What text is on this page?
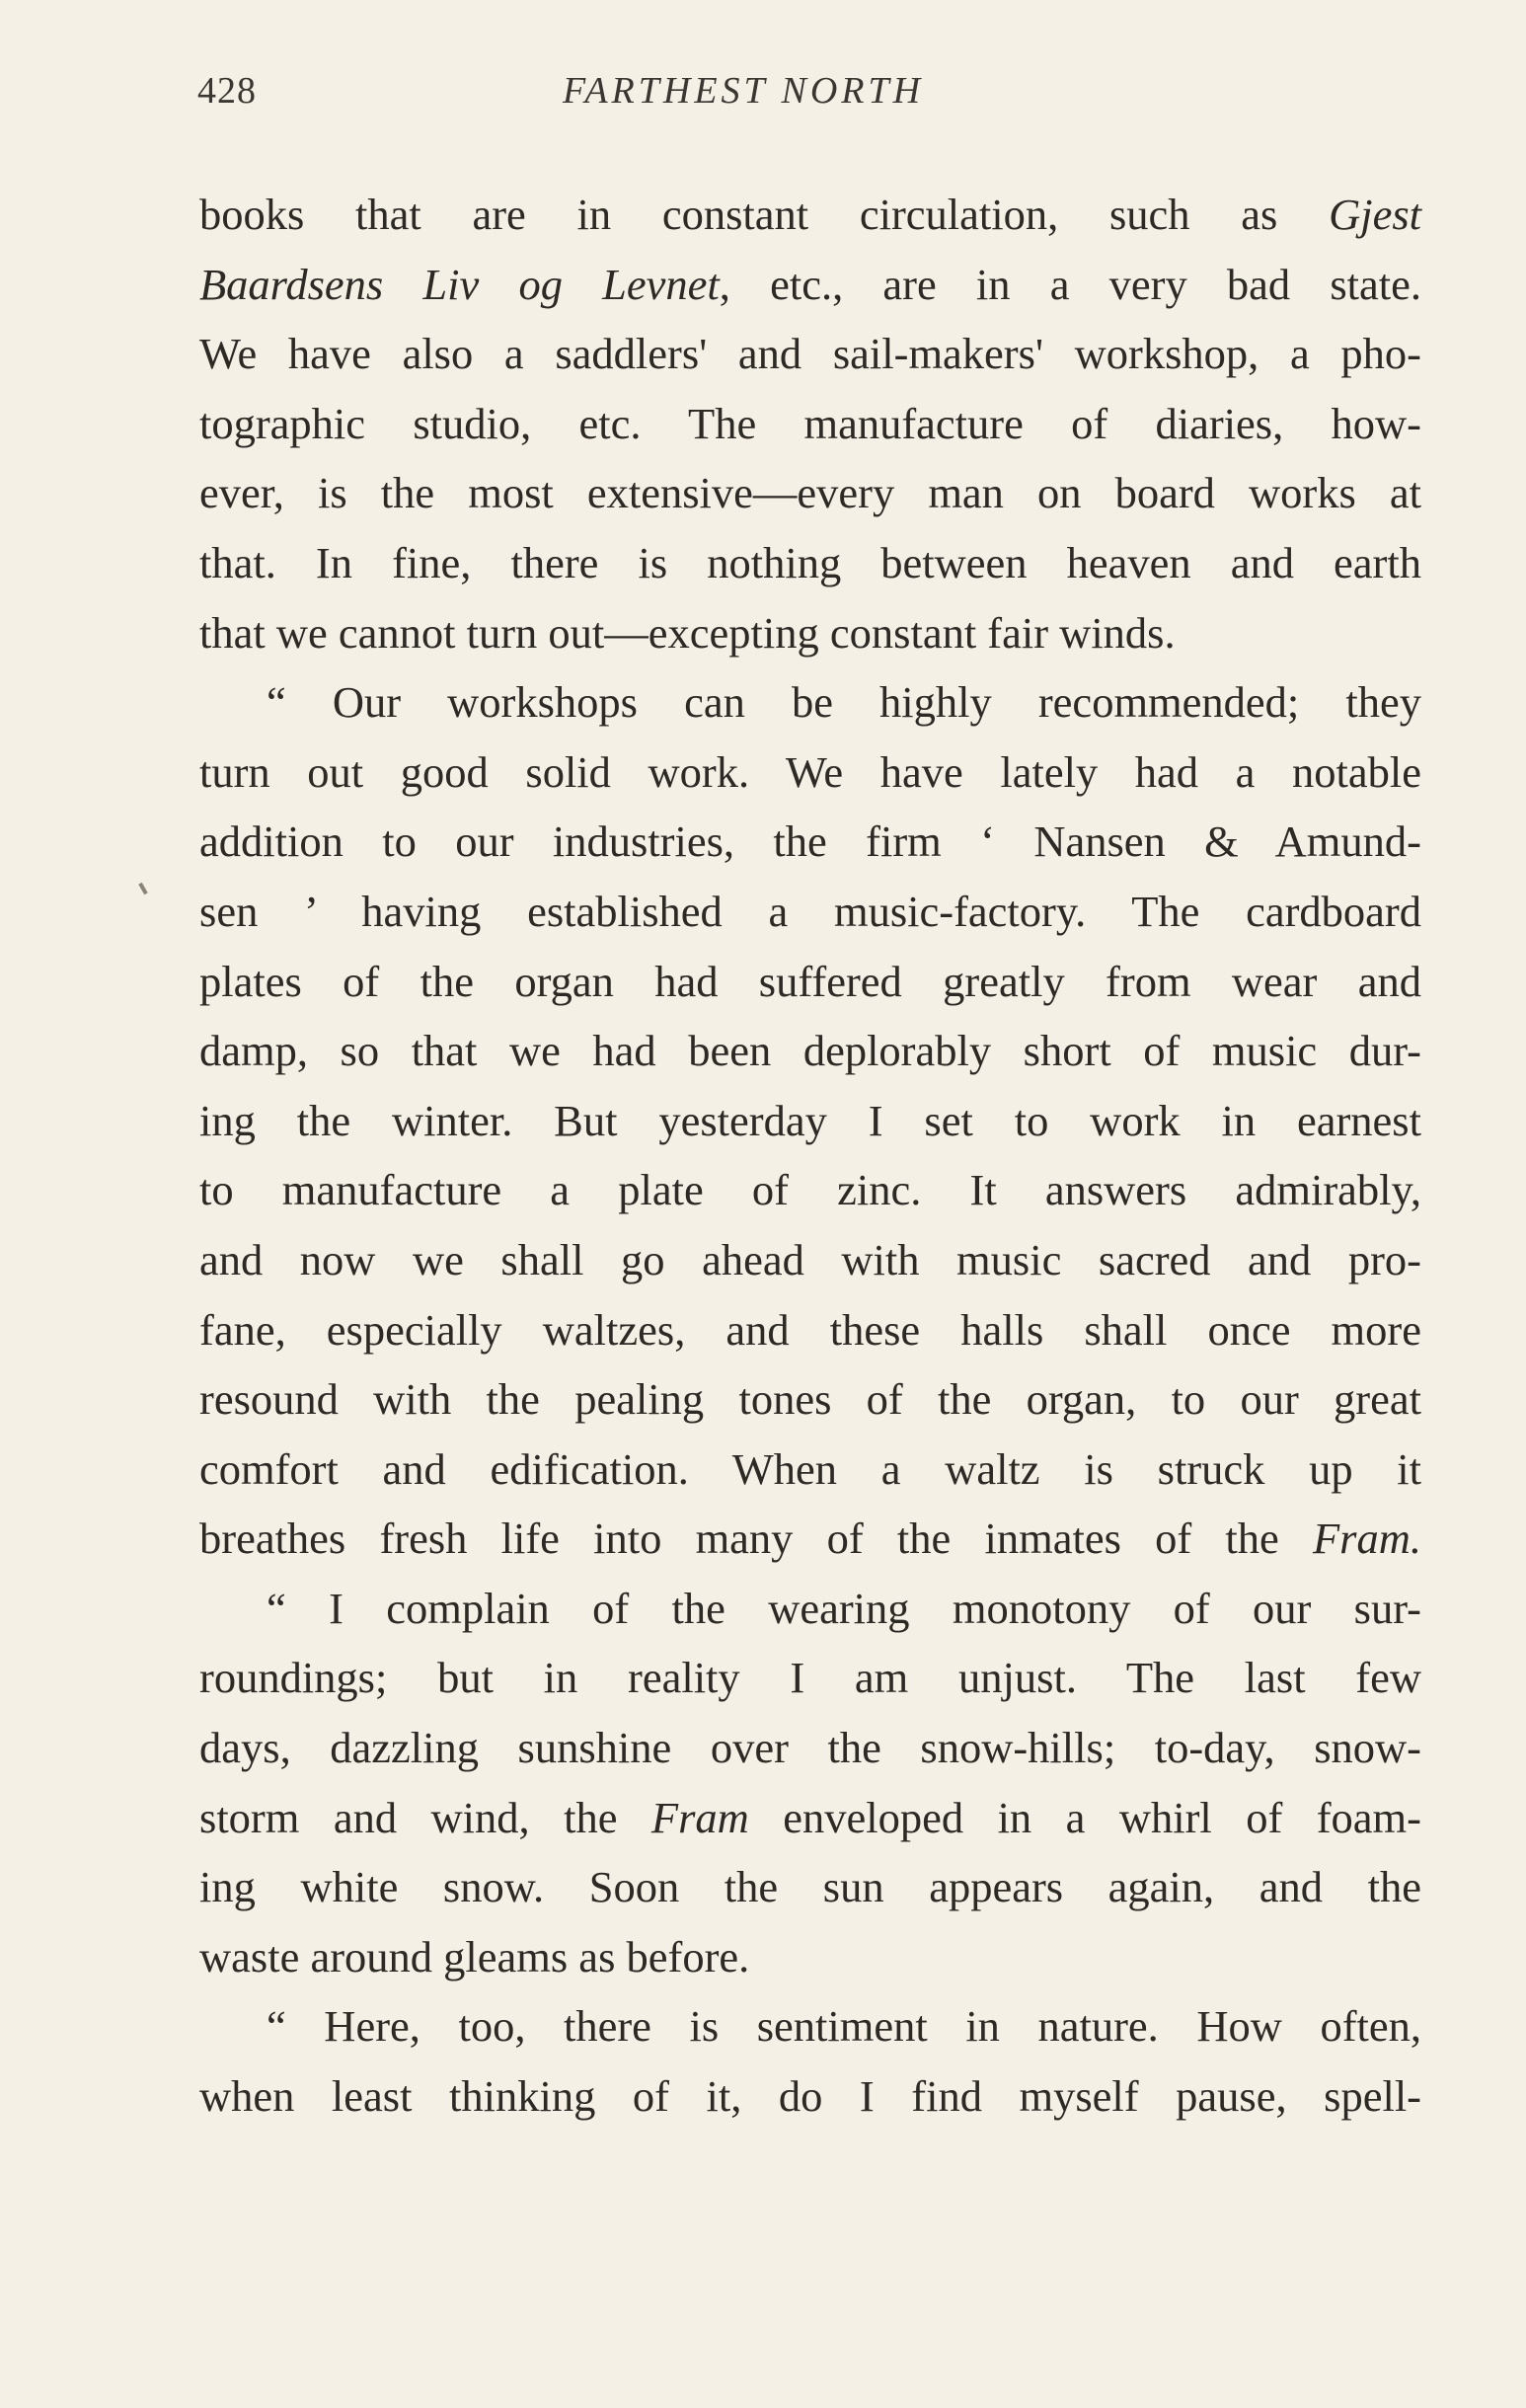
428	FARTHEST NORTH
books that are in constant circulation, such as Gjest
Baardsens Liv og Levnet, etc., are in a very bad state.
We have also a saddlers' and sail-makers' workshop, a pho-
tographic studio, etc. The manufacture of diaries, how-
ever, is the most extensive—every man on board works at
that. In fine, there is nothing between heaven and earth
that we cannot turn out—excepting constant fair winds.
“ Our workshops can be highly recommended; they
turn out good solid work. We have lately had a notable
addition to our industries, the firm ‘ Nansen & Amund-
sen ’ having established a music-factory. The cardboard
plates of the organ had suffered greatly from wear and
damp, so that we had been deplorably short of music dur-
ing the winter. But yesterday I set to work in earnest
to manufacture a plate of zinc. It answers admirably,
and now we shall go ahead with music sacred and pro-
fane, especially waltzes, and these halls shall once more
resound with the pealing tones of the organ, to our great
comfort and edification. When a waltz is struck up it
breathes fresh life into many of the inmates of the Fram.
“ I complain of the wearing monotony of our sur-
roundings; but in reality I am unjust. The last few
days, dazzling sunshine over the snow-hills; to-day, snow-
storm and wind, the Fram enveloped in a whirl of foam-
ing white snow. Soon the sun appears again, and the
waste around gleams as before.
“ Here, too, there is sentiment in nature. How often,
when least thinking of it, do I find myself pause, spell-
